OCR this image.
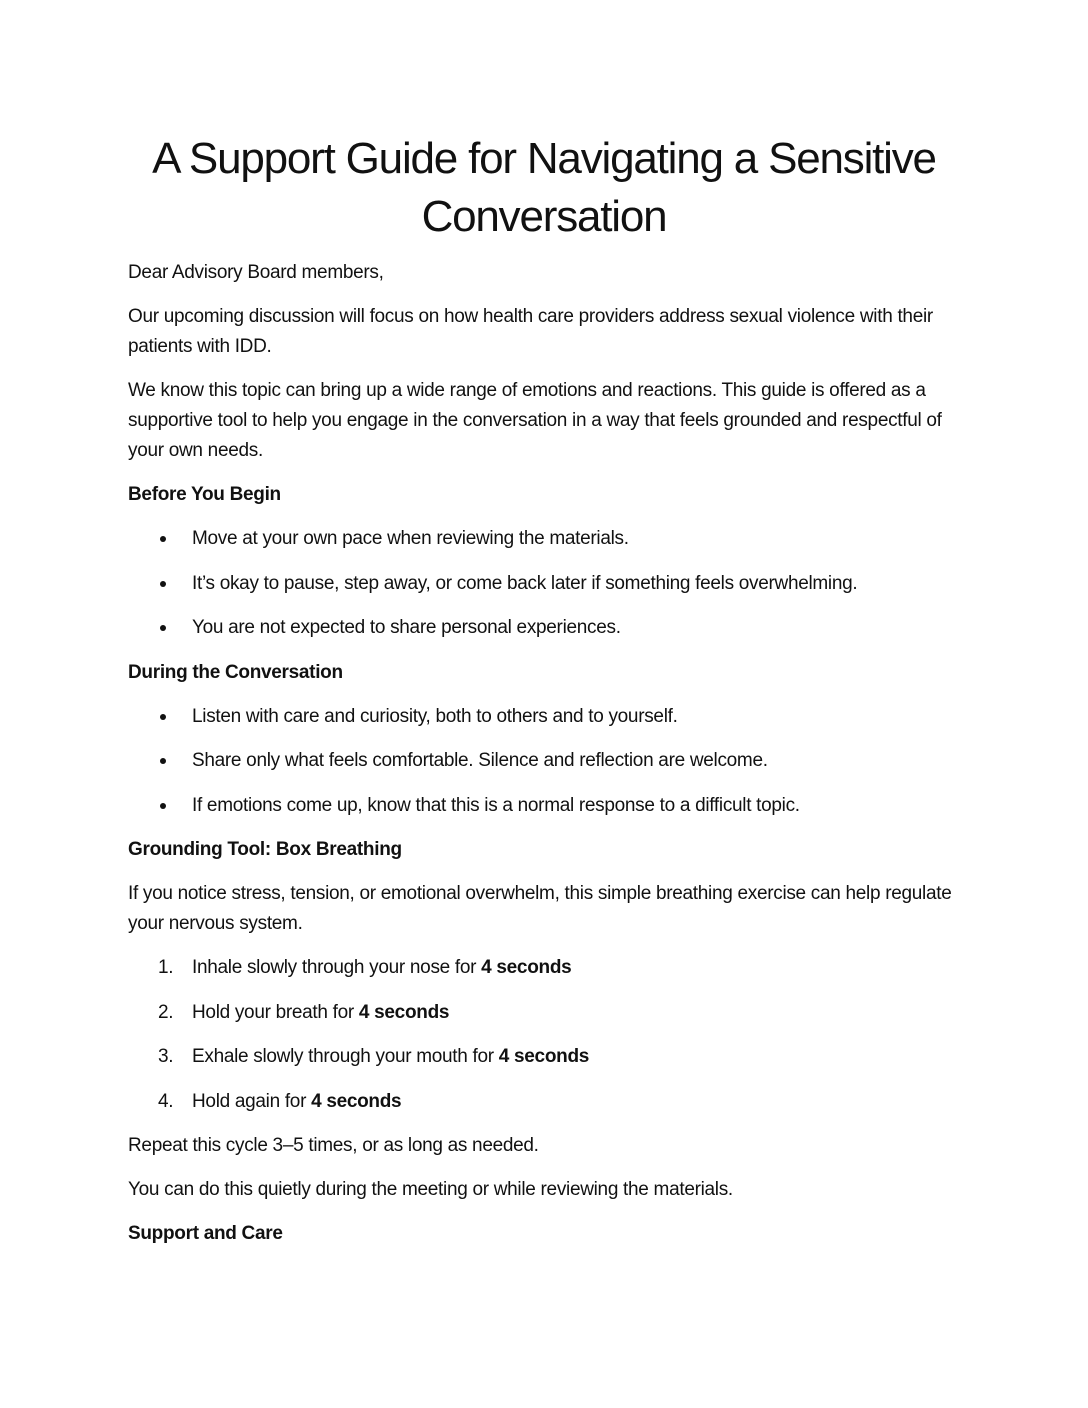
A Support Guide for Navigating a Sensitive Conversation

Dear Advisory Board members,

Our upcoming discussion will focus on how health care providers address sexual violence with their patients with IDD.

We know this topic can bring up a wide range of emotions and reactions. This guide is offered as a supportive tool to help you engage in the conversation in a way that feels grounded and respectful of your own needs.

Before You Begin
Move at your own pace when reviewing the materials.
It’s okay to pause, step away, or come back later if something feels overwhelming.
You are not expected to share personal experiences.
During the Conversation
Listen with care and curiosity, both to others and to yourself.
Share only what feels comfortable. Silence and reflection are welcome.
If emotions come up, know that this is a normal response to a difficult topic.
Grounding Tool: Box Breathing

If you notice stress, tension, or emotional overwhelm, this simple breathing exercise can help regulate your nervous system.

1. Inhale slowly through your nose for 4 seconds
2. Hold your breath for 4 seconds
3. Exhale slowly through your mouth for 4 seconds
4. Hold again for 4 seconds

Repeat this cycle 3–5 times, or as long as needed.

You can do this quietly during the meeting or while reviewing the materials.

Support and Care
